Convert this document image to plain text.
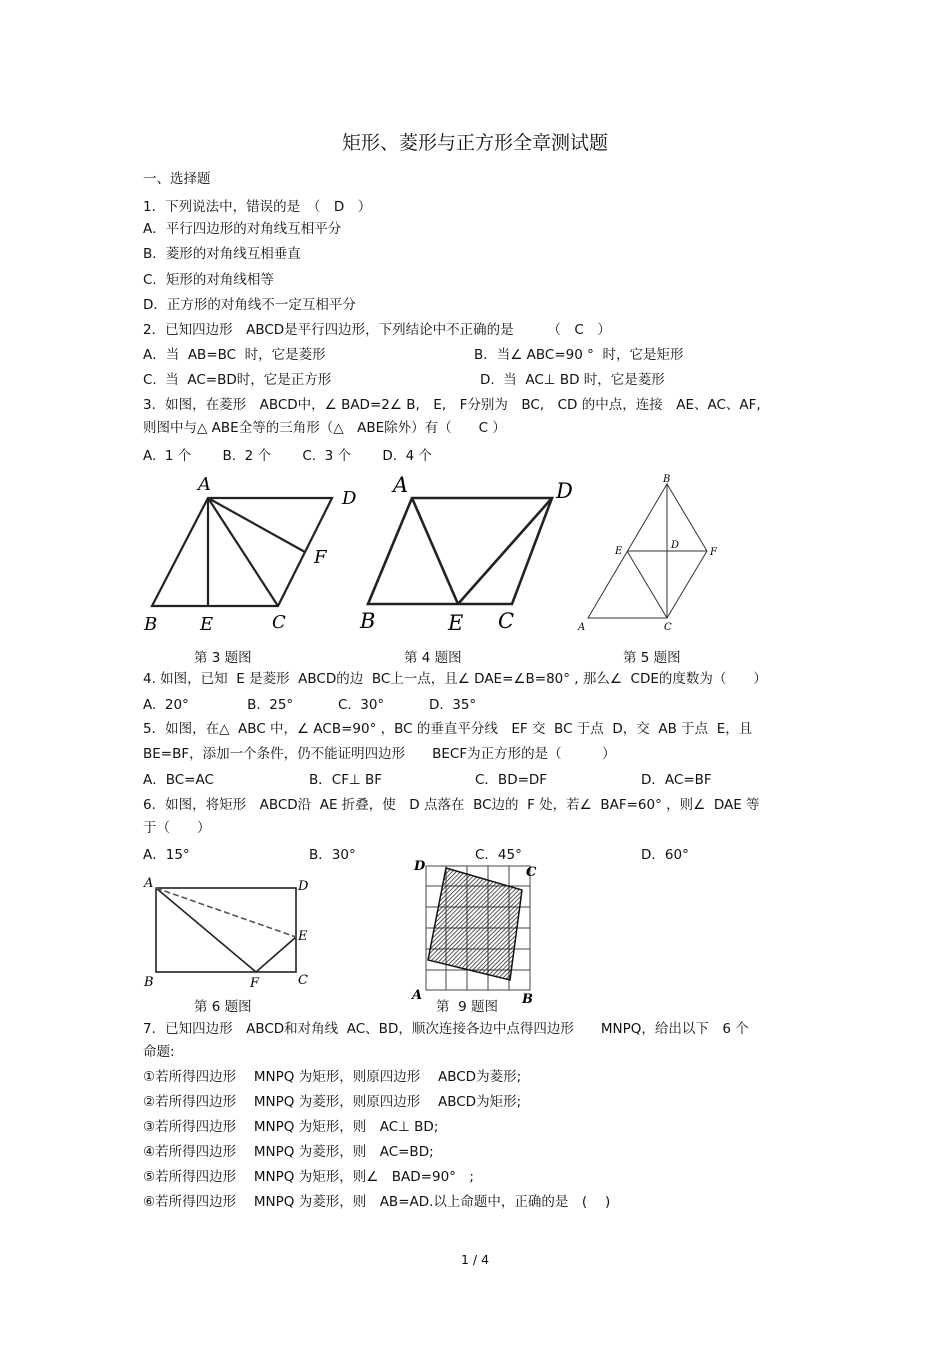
矩形、菱形与正方形全章测试题
一、选择题
1．下列说法中，错误的是　（　D　）
A．平行四边形的对角线互相平分
B．菱形的对角线互相垂直
C．矩形的对角线相等
D．正方形的对角线不一定互相平分
2．已知四边形　ABCD是平行四边形，下列结论中不正确的是　　　（　C　）
A．当  AB=BC  时，它是菱形	B．当∠ ABC=90 °  时，它是矩形
C.  当  AC=BD时，它是正方形	D.  当  AC⊥ BD 时，它是菱形
3．如图，在菱形　ABCD中，∠ BAD=2∠ B,　E,　F分别为　BC,　CD 的中点，连接　AE、AC、AF,
则图中与△ ABE全等的三角形（△　ABE除外）有（　　C ）
A.  1 个　　 B.  2 个　　 C.  3 个　　 D.  4 个
A
D
F
B E	C
第 3 题图
A	D
B	E C
第 4 题图
B
D
E	F
A	C
第 5 题图
4. 如图，已知  E 是菱形  ABCD的边  BC上一点，且∠ DAE=∠B=80° , 那么∠  CDE的度数为（　　）
A.  20°　　　　 B.  25°　　　 C.  30°　　　 D.  35°
5．如图，在△  ABC 中，∠ ACB=90° ，BC 的垂直平分线　EF 交  BC 于点  D，交  AB 于点  E，且
BE=BF，添加一个条件，仍不能证明四边形　　BECF为正方形的是（　　　）
A．BC=AC	B．CF⊥ BF	C．BD=DF	D．AC=BF
6．如图，将矩形　ABCD沿  AE 折叠，使　D 点落在  BC边的  F 处，若∠  BAF=60° ，则∠  DAE 等
于（　　）
A．15°	B．30°	C．45°	D．60°
A	D
E
B	F	C
第 6 题图
D	C
A	B
第  9 题图
7．已知四边形　ABCD和对角线  AC、BD，顺次连接各边中点得四边形　　MNPQ，给出以下　6 个
命题:
①若所得四边形　 MNPQ 为矩形，则原四边形　 ABCD为菱形;
②若所得四边形　 MNPQ 为菱形，则原四边形　 ABCD为矩形;
③若所得四边形　 MNPQ 为矩形，则　AC⊥ BD;
④若所得四边形　 MNPQ 为菱形，则　AC=BD;
⑤若所得四边形　 MNPQ 为矩形，则∠　BAD=90°　;
⑥若所得四边形　 MNPQ 为菱形，则　AB=AD.以上命题中，正确的是　(　 )
1 / 4
